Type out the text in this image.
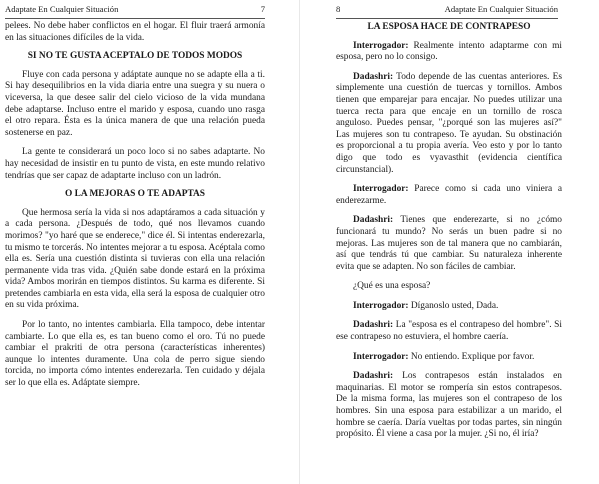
Adaptate En Cualquier Situación	7

pelees. No debe haber conflictos en el hogar. El fluir traerá armonía en las situaciones difíciles de la vida.

SI NO TE GUSTA ACEPTALO DE TODOS MODOS

Fluye con cada persona y adáptate aunque no se adapte ella a ti. Si hay desequilibrios en la vida diaria entre una suegra y su nuera o viceversa, la que desee salir del cielo vicioso de la vida mundana debe adaptarse. Incluso entre el marido y esposa, cuando uno rasga el otro repara. Ésta es la única manera de que una relación pueda sostenerse en paz.

La gente te considerará un poco loco si no sabes adaptarte. No hay necesidad de insistir en tu punto de vista, en este mundo relativo tendrías que ser capaz de adaptarte incluso con un ladrón.

O LA MEJORAS O TE ADAPTAS

Que hermosa sería la vida si nos adaptáramos a cada situación y a cada persona. ¿Después de todo, qué nos llevamos cuando morimos? "yo haré que se enderece," dice él. Si intentas enderezarla, tu mismo te torcerás. No intentes mejorar a tu esposa. Acéptala como ella es. Sería una cuestión distinta si tuvieras con ella una relación permanente vida tras vida. ¿Quién sabe donde estará en la próxima vida? Ambos morirán en tiempos distintos. Su karma es diferente. Si pretendes cambiarla en esta vida, ella será la esposa de cualquier otro en su vida próxima.

Por lo tanto, no intentes cambiarla. Ella tampoco, debe intentar cambiarte. Lo que ella es, es tan bueno como el oro. Tú no puede cambiar el prakriti de otra persona (características inherentes) aunque lo intentes duramente. Una cola de perro sigue siendo torcida, no importa cómo intentes enderezarla. Ten cuidado y déjala ser lo que ella es. Adáptate siempre.

8	Adaptate En Cualquier Situación
LA ESPOSA HACE DE CONTRAPESO

Interrogador: Realmente intento adaptarme con mi esposa, pero no lo consigo.

Dadashri: Todo depende de las cuentas anteriores. Es simplemente una cuestión de tuercas y tornillos. Ambos tienen que emparejar para encajar. No puedes utilizar una tuerca recta para que encaje en un tornillo de rosca anguloso. Puedes pensar, "¿porqué son las mujeres así?" Las mujeres son tu contrapeso. Te ayudan. Su obstinación es proporcional a tu propia avería. Veo esto y por lo tanto digo que todo es vyavasthit (evidencia científica circunstancial).

Interrogador: Parece como si cada uno viniera a enderezarme.

Dadashri: Tienes que enderezarte, si no ¿cómo funcionará tu mundo? No serás un buen padre si no mejoras. Las mujeres son de tal manera que no cambiarán, así que tendrás tú que cambiar. Su naturaleza inherente evita que se adapten. No son fáciles de cambiar.

¿Qué es una esposa?

Interrogador: Díganoslo usted, Dada.

Dadashri: La "esposa es el contrapeso del hombre". Si ese contrapeso no estuviera, el hombre caería.

Interrogador: No entiendo. Explique por favor.

Dadashri: Los contrapesos están instalados en maquinarias. El motor se rompería sin estos contrapesos. De la misma forma, las mujeres son el contrapeso de los hombres. Sin una esposa para estabilizar a un marido, el hombre se caería. Daría vueltas por todas partes, sin ningún propósito. Él viene a casa por la mujer. ¿Si no, él iría?
